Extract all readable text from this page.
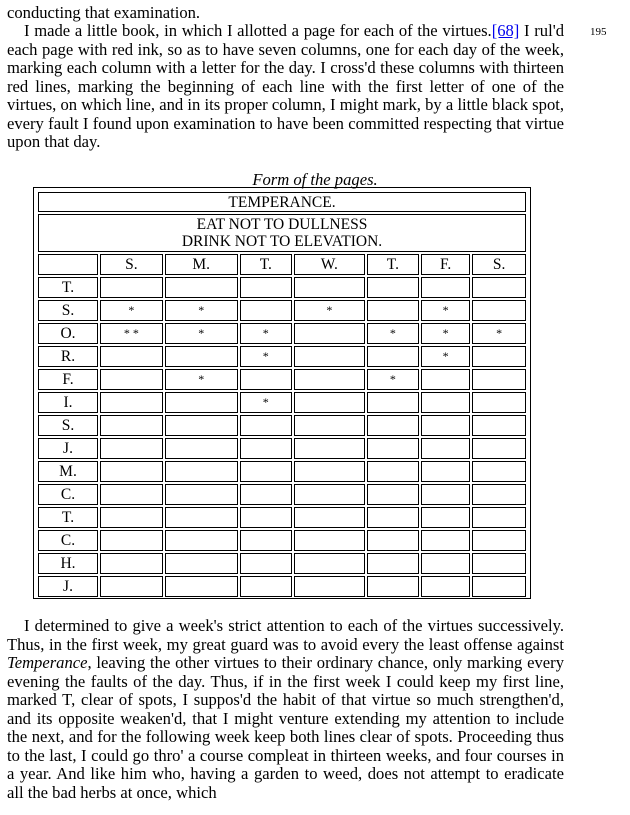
195

conducting that examination.

I made a little book, in which I allotted a page for each of the virtues.[68] I rul'd each page with red ink, so as to have seven columns, one for each day of the week, marking each column with a letter for the day. I cross'd these columns with thirteen red lines, marking the beginning of each line with the first letter of one of the virtues, on which line, and in its proper column, I might mark, by a little black spot, every fault I found upon examination to have been committed respecting that virtue upon that day.

Form of the pages.
TEMPERANCE.							

EAT NOT TO DULLNESS
DRINK NOT TO ELEVATION.							

	S.	M.	T.	W.	T.	F.	S.
T.							
S.	*	*		*		*	
O.	* *	*	*		*	*	*
R.			*			*	
F.		*			*		
I.			*				
S.							
J.							
M.							
C.							
T.							
C.							
H.							
J.							

I determined to give a week's strict attention to each of the virtues successively. Thus, in the first week, my great guard was to avoid every the least offense against Temperance, leaving the other virtues to their ordinary chance, only marking every evening the faults of the day. Thus, if in the first week I could keep my first line, marked T, clear of spots, I suppos'd the habit of that virtue so much strengthen'd, and its opposite weaken'd, that I might venture extending my attention to include the next, and for the following week keep both lines clear of spots. Proceeding thus to the last, I could go thro' a course compleat in thirteen weeks, and four courses in a year. And like him who, having a garden to weed, does not attempt to eradicate all the bad herbs at once, which
